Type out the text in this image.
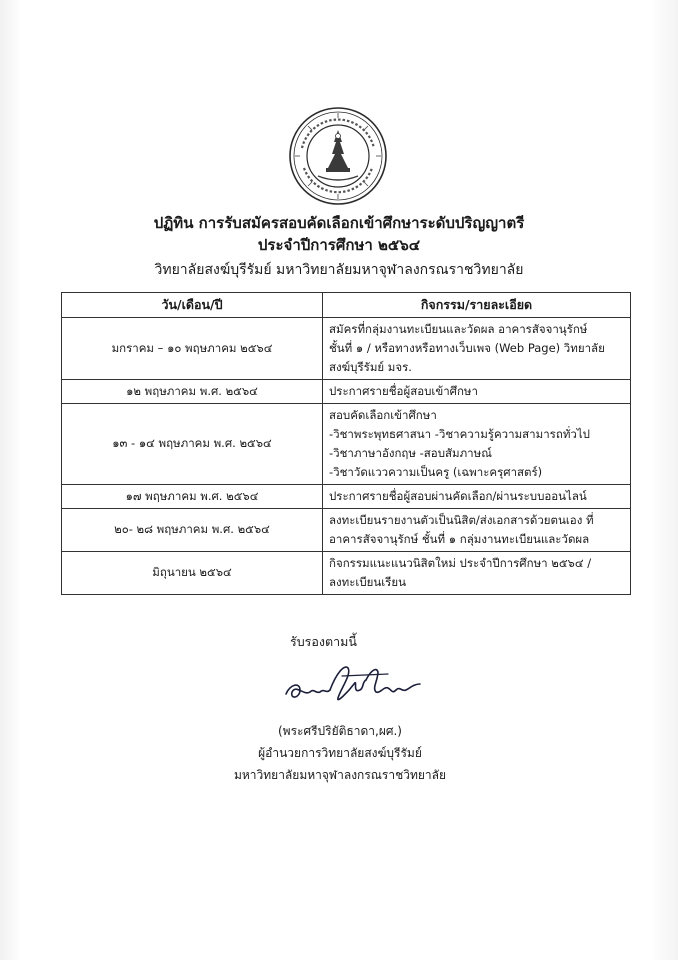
ปฏิทิน การรับสมัครสอบคัดเลือกเข้าศึกษาระดับปริญญาตรี
ประจำปีการศึกษา ๒๕๖๔
วิทยาลัยสงฆ์บุรีรัมย์ มหาวิทยาลัยมหาจุฬาลงกรณราชวิทยาลัย
วัน/เดือน/ปี	กิจกรรม/รายละเอียด
มกราคม – ๑๐ พฤษภาคม ๒๕๖๔	สมัครที่กลุ่มงานทะเบียนและวัดผล อาคารสัจจานุรักษ์
ชั้นที่ ๑ / หรือทางหรือทางเว็บเพจ (Web Page) วิทยาลัย
สงฆ์บุรีรัมย์ มจร.

๑๒ พฤษภาคม พ.ศ. ๒๕๖๔	ประกาศรายชื่อผู้สอบเข้าศึกษา

๑๓ - ๑๔ พฤษภาคม พ.ศ. ๒๕๖๔	สอบคัดเลือกเข้าศึกษา
-วิชาพระพุทธศาสนา -วิชาความรู้ความสามารถทั่วไป
-วิชาภาษาอังกฤษ -สอบสัมภาษณ์
-วิชาวัดแววความเป็นครู (เฉพาะครุศาสตร์)

๑๗ พฤษภาคม พ.ศ. ๒๕๖๔	ประกาศรายชื่อผู้สอบผ่านคัดเลือก/ผ่านระบบออนไลน์

๒๐- ๒๘ พฤษภาคม พ.ศ. ๒๕๖๔	ลงทะเบียนรายงานตัวเป็นนิสิต/ส่งเอกสารด้วยตนเอง ที่
อาคารสัจจานุรักษ์ ชั้นที่ ๑ กลุ่มงานทะเบียนและวัดผล

มิถุนายน ๒๕๖๔	กิจกรรมแนะแนวนิสิตใหม่ ประจำปีการศึกษา ๒๕๖๔ /
ลงทะเบียนเรียน
รับรองตามนี้
(พระศรีปริยัติธาดา,ผศ.)
ผู้อำนวยการวิทยาลัยสงฆ์บุรีรัมย์
มหาวิทยาลัยมหาจุฬาลงกรณราชวิทยาลัย
